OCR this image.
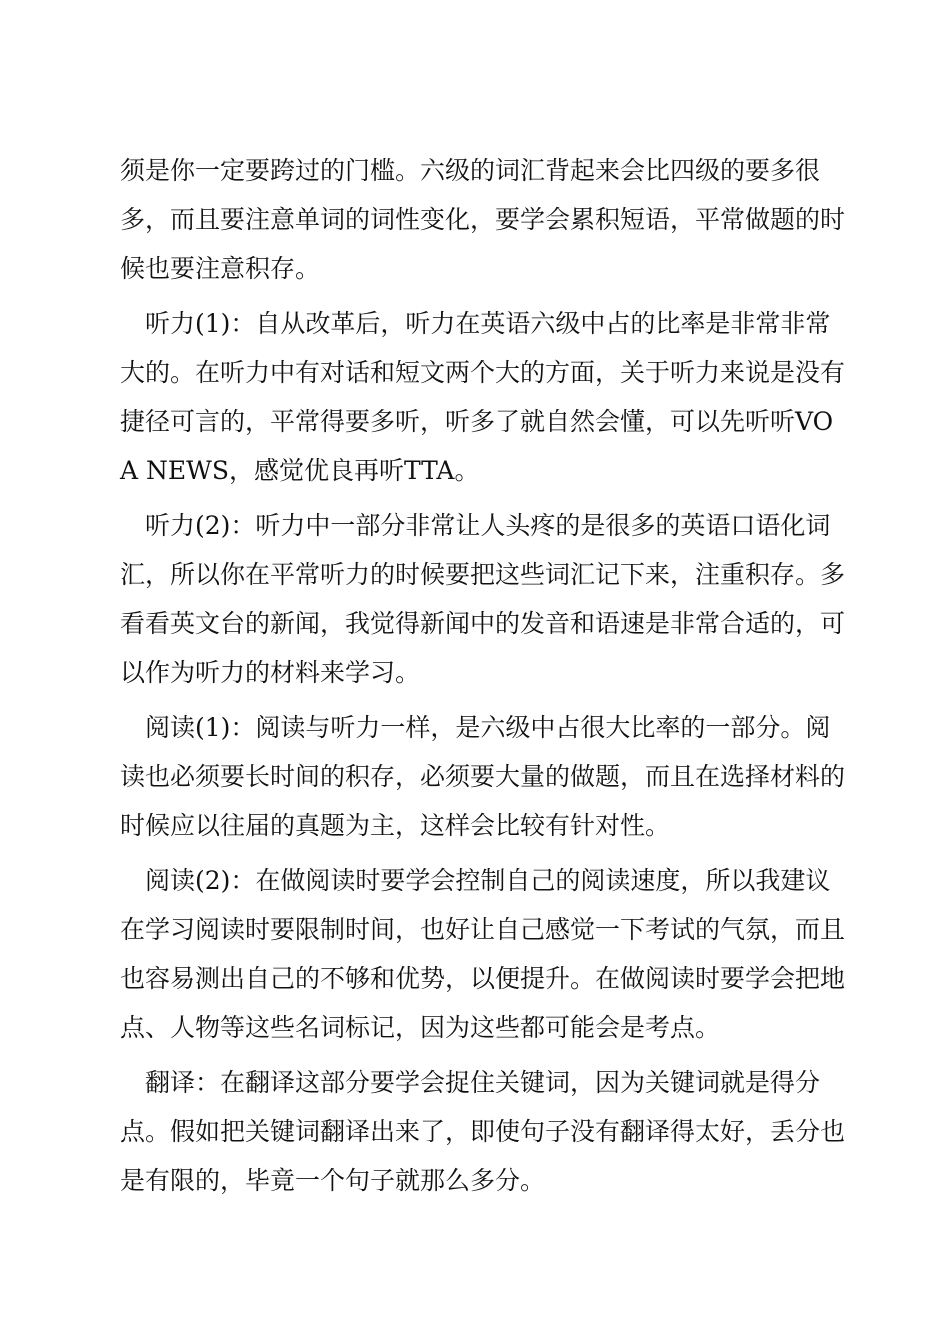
须是你一定要跨过的门槛。六级的词汇背起来会比四级的要多很多，而且要注意单词的词性变化，要学会累积短语，平常做题的时候也要注意积存。

听力(1)：自从改革后，听力在英语六级中占的比率是非常非常大的。在听力中有对话和短文两个大的方面，关于听力来说是没有捷径可言的，平常得要多听，听多了就自然会懂，可以先听听VOA NEWS，感觉优良再听TTA。

听力(2)：听力中一部分非常让人头疼的是很多的英语口语化词汇，所以你在平常听力的时候要把这些词汇记下来，注重积存。多看看英文台的新闻，我觉得新闻中的发音和语速是非常合适的，可以作为听力的材料来学习。

阅读(1)：阅读与听力一样，是六级中占很大比率的一部分。阅读也必须要长时间的积存，必须要大量的做题，而且在选择材料的时候应以往届的真题为主，这样会比较有针对性。

阅读(2)：在做阅读时要学会控制自己的阅读速度，所以我建议在学习阅读时要限制时间，也好让自己感觉一下考试的气氛，而且也容易测出自己的不够和优势，以便提升。在做阅读时要学会把地点、人物等这些名词标记，因为这些都可能会是考点。

翻译：在翻译这部分要学会捉住关键词，因为关键词就是得分点。假如把关键词翻译出来了，即使句子没有翻译得太好，丢分也是有限的，毕竟一个句子就那么多分。
